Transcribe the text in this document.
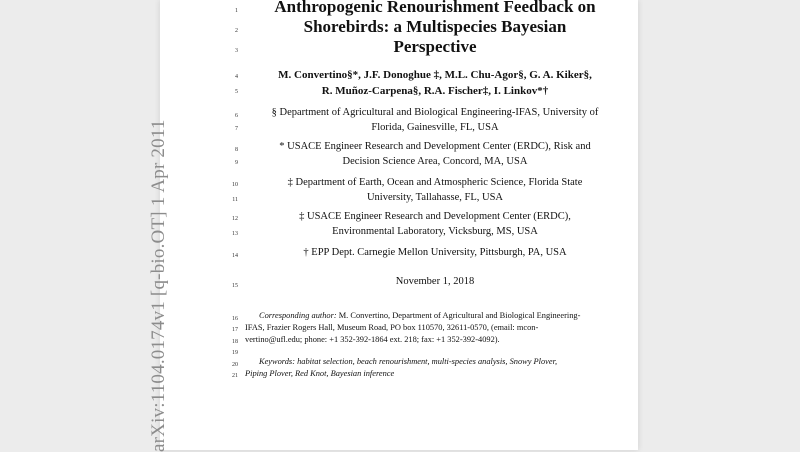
arXiv:1104.0174v1 [q-bio.OT] 1 Apr 2011
1
2
3
4
5
6
7
8
9
10
11
12
13
14
15
16
17
18
19
20
21
Anthropogenic Renourishment Feedback on
Shorebirds: a Multispecies Bayesian
Perspective
M. Convertino§*, J.F. Donoghue ‡, M.L. Chu-Agor§, G. A. Kiker§,
R. Muñoz-Carpena§, R.A. Fischer‡, I. Linkov*†
§ Department of Agricultural and Biological Engineering-IFAS, University of
Florida, Gainesville, FL, USA
* USACE Engineer Research and Development Center (ERDC), Risk and
Decision Science Area, Concord, MA, USA
‡ Department of Earth, Ocean and Atmospheric Science, Florida State
University, Tallahasse, FL, USA
‡ USACE Engineer Research and Development Center (ERDC),
Environmental Laboratory, Vicksburg, MS, USA
† EPP Dept. Carnegie Mellon University, Pittsburgh, PA, USA
November 1, 2018
Corresponding author: M. Convertino, Department of Agricultural and Biological Engineering-
IFAS, Frazier Rogers Hall, Museum Road, PO box 110570, 32611-0570, (email: mcon-
vertino@ufl.edu; phone: +1 352-392-1864 ext. 218; fax: +1 352-392-4092).
Keywords: habitat selection, beach renourishment, multi-species analysis, Snowy Plover,
Piping Plover, Red Knot, Bayesian inference
